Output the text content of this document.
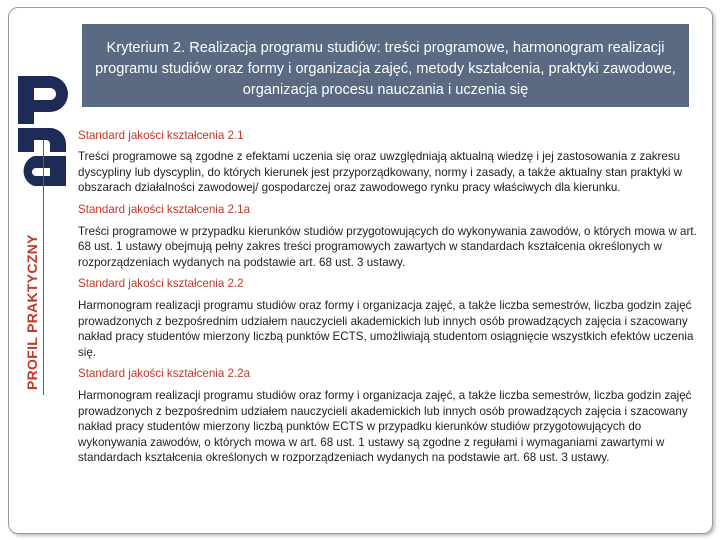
PROFIL PRAKTYCZNY
Kryterium 2. Realizacja programu studiów: treści programowe, harmonogram realizacji programu studiów oraz formy i organizacja zajęć, metody kształcenia, praktyki zawodowe, organizacja procesu nauczania i uczenia się

Standard jakości kształcenia 2.1

Treści programowe są zgodne z efektami uczenia się oraz uwzględniają aktualną wiedzę i jej zastosowania z zakresu dyscypliny lub dyscyplin, do których kierunek jest przyporządkowany, normy i zasady, a także aktualny stan praktyki w obszarach działalności zawodowej/ gospodarczej oraz zawodowego rynku pracy właściwych dla kierunku.

Standard jakości kształcenia 2.1a

Treści programowe w przypadku kierunków studiów przygotowujących do wykonywania zawodów, o których mowa w art. 68 ust. 1 ustawy obejmują pełny zakres treści programowych zawartych w standardach kształcenia określonych w rozporządzeniach wydanych na podstawie art. 68 ust. 3 ustawy.

Standard jakości kształcenia 2.2

Harmonogram realizacji programu studiów oraz formy i organizacja zajęć, a także liczba semestrów, liczba godzin zajęć prowadzonych z bezpośrednim udziałem nauczycieli akademickich lub innych osób prowadzących zajęcia i szacowany nakład pracy studentów mierzony liczbą punktów ECTS, umożliwiają studentom osiągnięcie wszystkich efektów uczenia się.

Standard jakości kształcenia 2.2a

Harmonogram realizacji programu studiów oraz formy i organizacja zajęć, a także liczba semestrów, liczba godzin zajęć prowadzonych z bezpośrednim udziałem nauczycieli akademickich lub innych osób prowadzących zajęcia i szacowany nakład pracy studentów mierzony liczbą punktów ECTS w przypadku kierunków studiów przygotowujących do wykonywania zawodów, o których mowa w art. 68 ust. 1 ustawy są zgodne z regułami i wymaganiami zawartymi w standardach kształcenia określonych w rozporządzeniach wydanych na podstawie art. 68 ust. 3 ustawy.
